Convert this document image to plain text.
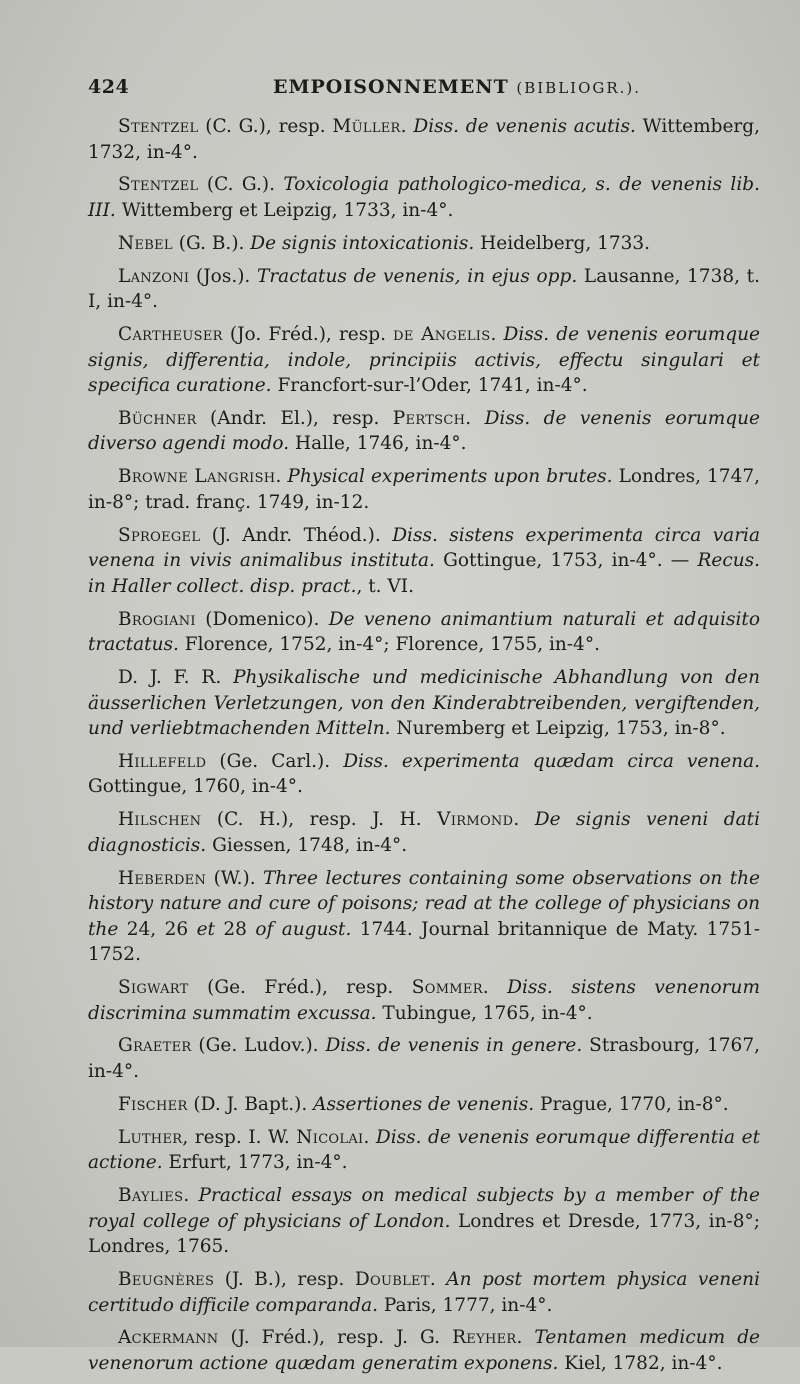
424	EMPOISONNEMENT (BIBLIOGR.).

Stentzel (C. G.), resp. Müller. Diss. de venenis acutis. Wittemberg, 1732, in-4°.

Stentzel (C. G.). Toxicologia pathologico-medica, s. de venenis lib. III. Wittemberg et Leipzig, 1733, in-4°.

Nebel (G. B.). De signis intoxicationis. Heidelberg, 1733.

Lanzoni (Jos.). Tractatus de venenis, in ejus opp. Lausanne, 1738, t. I, in-4°.

Cartheuser (Jo. Fréd.), resp. de Angelis. Diss. de venenis eorumque signis, differentia, indole, principiis activis, effectu singulari et specifica curatione. Francfort-sur-l’Oder, 1741, in-4°.

Büchner (Andr. El.), resp. Pertsch. Diss. de venenis eorumque diverso agendi modo. Halle, 1746, in-4°.

Browne Langrish. Physical experiments upon brutes. Londres, 1747, in-8°; trad. franç. 1749, in-12.

Sproegel (J. Andr. Théod.). Diss. sistens experimenta circa varia venena in vivis animalibus instituta. Gottingue, 1753, in-4°. — Recus. in Haller collect. disp. pract., t. VI.

Brogiani (Domenico). De veneno animantium naturali et adquisito tractatus. Florence, 1752, in-4°; Florence, 1755, in-4°.

D. J. F. R. Physikalische und medicinische Abhandlung von den äusserlichen Verletzungen, von den Kinderabtreibenden, vergiftenden, und verliebtmachenden Mitteln. Nuremberg et Leipzig, 1753, in-8°.

Hillefeld (Ge. Carl.). Diss. experimenta quædam circa venena. Gottingue, 1760, in-4°.

Hilschen (C. H.), resp. J. H. Virmond. De signis veneni dati diagnosticis. Giessen, 1748, in-4°.

Heberden (W.). Three lectures containing some observations on the history nature and cure of poisons; read at the college of physicians on the 24, 26 et 28 of august. 1744. Journal britannique de Maty. 1751-1752.

Sigwart (Ge. Fréd.), resp. Sommer. Diss. sistens venenorum discrimina summatim excussa. Tubingue, 1765, in-4°.

Graeter (Ge. Ludov.). Diss. de venenis in genere. Strasbourg, 1767, in-4°.

Fischer (D. J. Bapt.). Assertiones de venenis. Prague, 1770, in-8°.

Luther, resp. I. W. Nicolai. Diss. de venenis eorumque differentia et actione. Erfurt, 1773, in-4°.

Baylies. Practical essays on medical subjects by a member of the royal college of physicians of London. Londres et Dresde, 1773, in-8°; Londres, 1765.

Beugnères (J. B.), resp. Doublet. An post mortem physica veneni certitudo difficile comparanda. Paris, 1777, in-4°.

Ackermann (J. Fréd.), resp. J. G. Reyher. Tentamen medicum de venenorum actione quædam generatim exponens. Kiel, 1782, in-4°.
